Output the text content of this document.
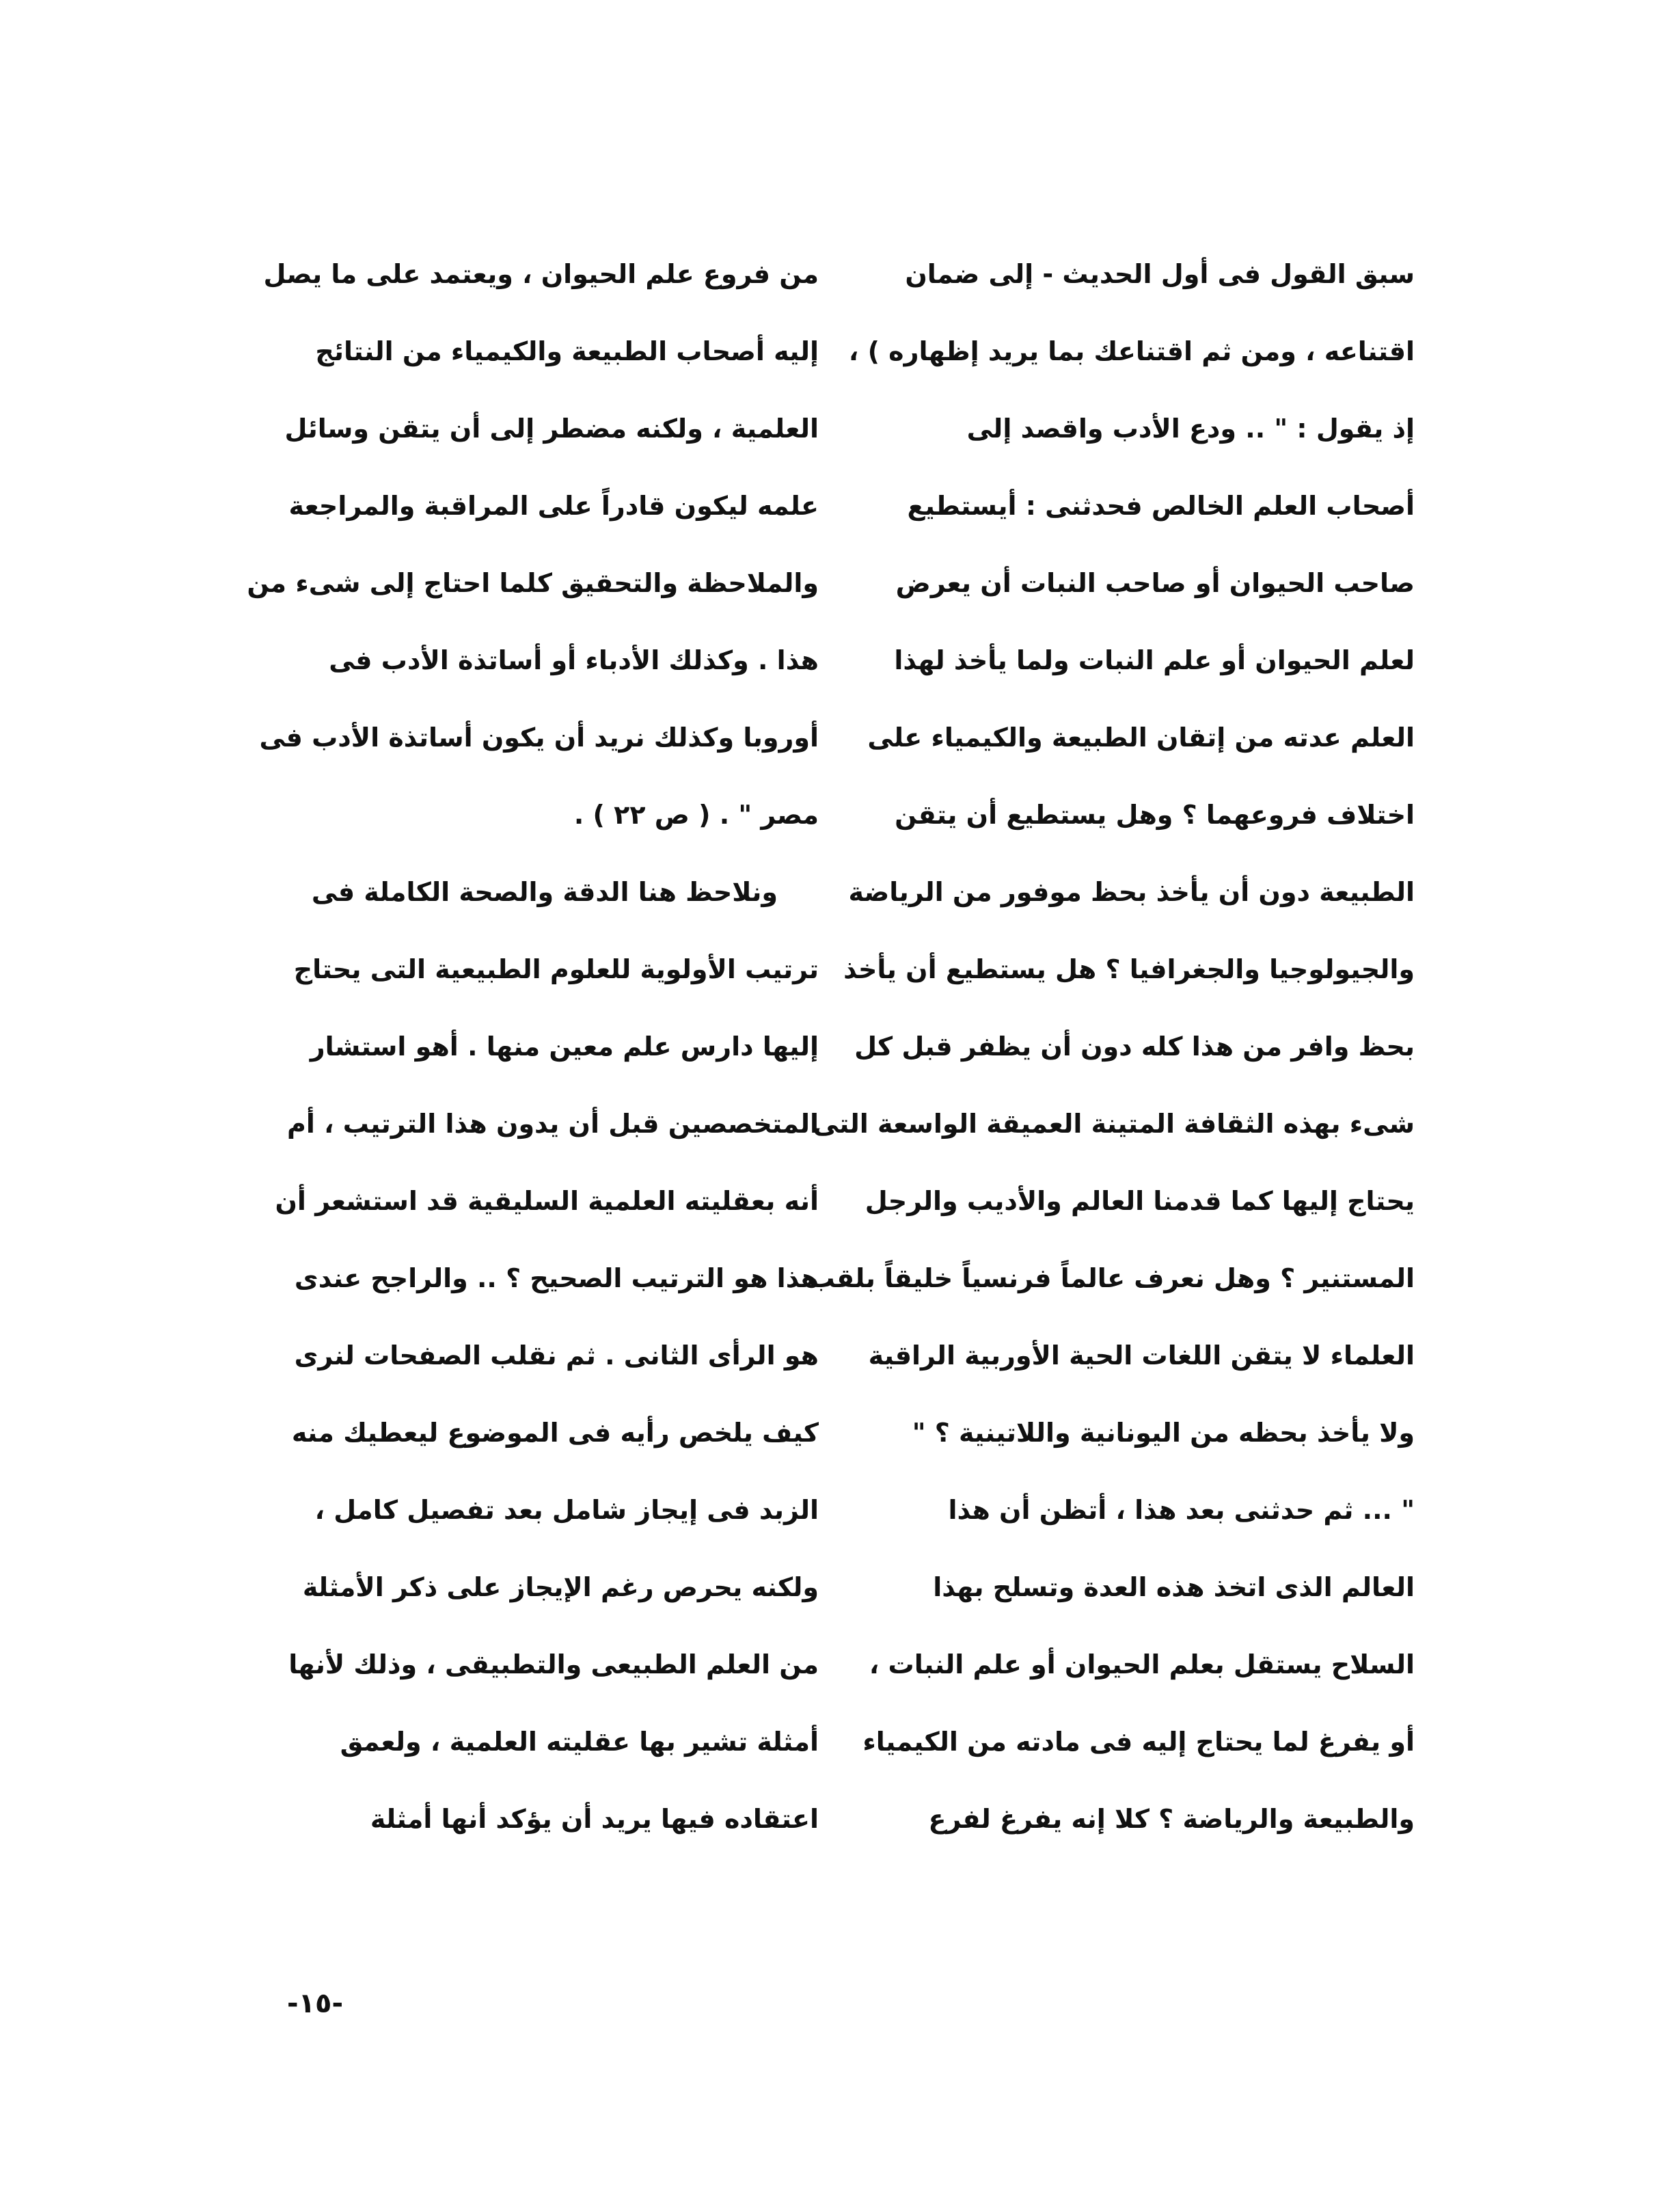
سبق القول فى أول الحديث - إلى ضمان
اقتناعه ، ومن ثم اقتناعك بما يريد إظهاره ) ،
إذ يقول : " .. ودع الأدب واقصد إلى
أصحاب العلم الخالص فحدثنى : أيستطيع
صاحب الحيوان أو صاحب النبات أن يعرض
لعلم الحيوان أو علم النبات ولما يأخذ لهذا
العلم عدته من إتقان الطبيعة والكيمياء على
اختلاف فروعهما ؟ وهل يستطيع أن يتقن
الطبيعة دون أن يأخذ بحظ موفور من الرياضة
والجيولوجيا والجغرافيا ؟ هل يستطيع أن يأخذ
بحظ وافر من هذا كله دون أن يظفر قبل كل
شىء بهذه الثقافة المتينة العميقة الواسعة التى
يحتاج إليها كما قدمنا العالم والأديب والرجل
المستنير ؟ وهل نعرف عالماً فرنسياً خليقاً بلقب
العلماء لا يتقن اللغات الحية الأوربية الراقية
ولا يأخذ بحظه من اليونانية واللاتينية ؟ "
" ... ثم حدثنى بعد هذا ، أتظن أن هذا
العالم الذى اتخذ هذه العدة وتسلح بهذا
السلاح يستقل بعلم الحيوان أو علم النبات ،
أو يفرغ لما يحتاج إليه فى مادته من الكيمياء
والطبيعة والرياضة ؟ كلا إنه يفرغ لفرع
من فروع علم الحيوان ، ويعتمد على ما يصل
إليه أصحاب الطبيعة والكيمياء من النتائج
العلمية ، ولكنه مضطر إلى أن يتقن وسائل
علمه ليكون قادراً على المراقبة والمراجعة
والملاحظة والتحقيق كلما احتاج إلى شىء من
هذا . وكذلك الأدباء أو أساتذة الأدب فى
أوروبا وكذلك نريد أن يكون أساتذة الأدب فى
مصر " . ( ص ٢٢ ) .
ونلاحظ هنا الدقة والصحة الكاملة فى
ترتيب الأولوية للعلوم الطبيعية التى يحتاج
إليها دارس علم معين منها . أهو استشار
المتخصصين قبل أن يدون هذا الترتيب ، أم
أنه بعقليته العلمية السليقية قد استشعر أن
هذا هو الترتيب الصحيح ؟ .. والراجح عندى
هو الرأى الثانى . ثم نقلب الصفحات لنرى
كيف يلخص رأيه فى الموضوع ليعطيك منه
الزبد فى إيجاز شامل بعد تفصيل كامل ،
ولكنه يحرص رغم الإيجاز على ذكر الأمثلة
من العلم الطبيعى والتطبيقى ، وذلك لأنها
أمثلة تشير بها عقليته العلمية ، ولعمق
اعتقاده فيها يريد أن يؤكد أنها أمثلة
-١٥-
